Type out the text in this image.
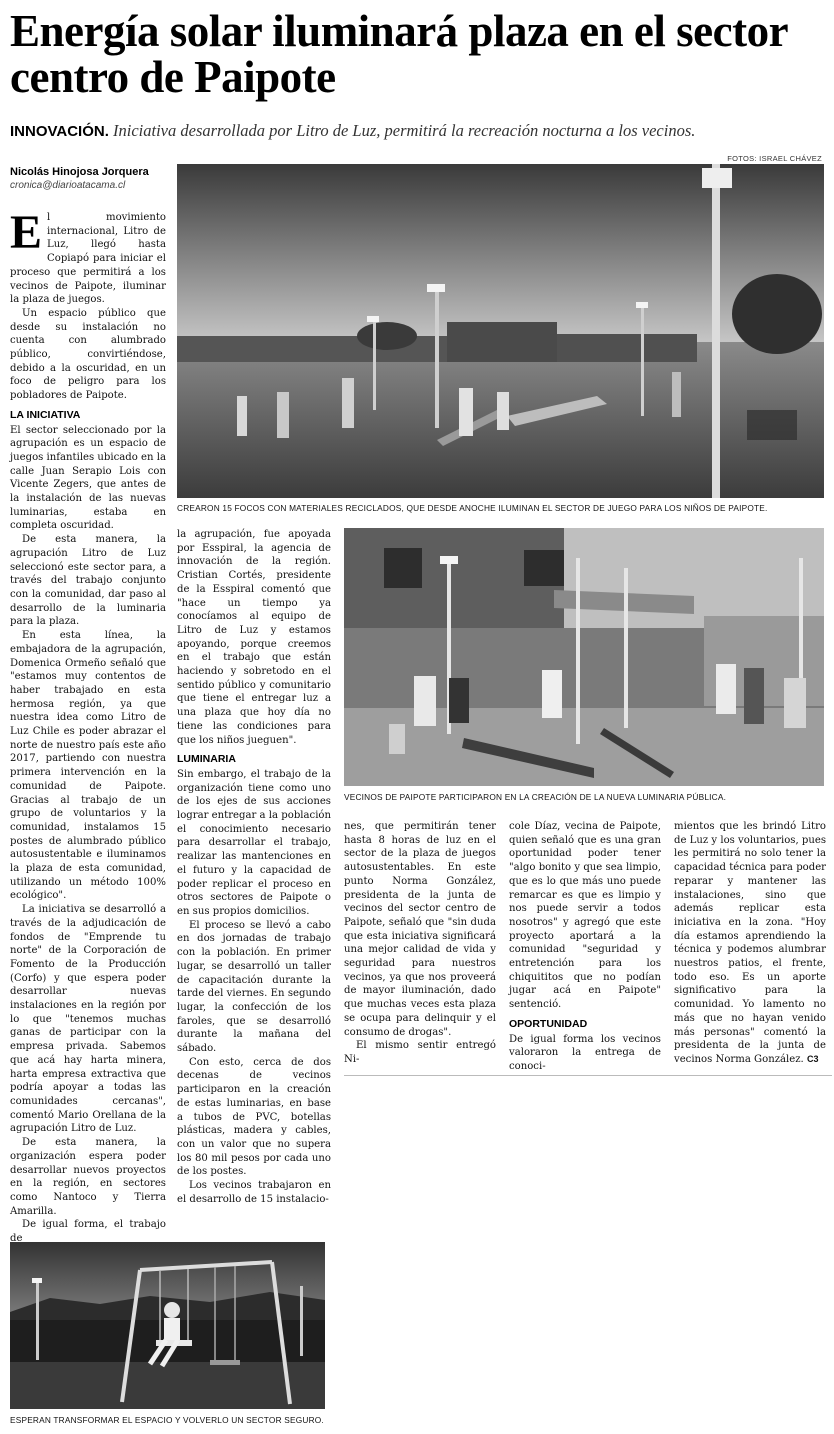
Energía solar iluminará plaza en el sector centro de Paipote
INNOVACIÓN. Iniciativa desarrollada por Litro de Luz, permitirá la recreación nocturna a los vecinos.
FOTOS: ISRAEL CHÁVEZ
Nicolás Hinojosa Jorquera
cronica@diarioatacama.cl
CREARON 15 FOCOS CON MATERIALES RECICLADOS, QUE DESDE ANOCHE ILUMINAN EL SECTOR DE JUEGO PARA LOS NIÑOS DE PAIPOTE.
VECINOS DE PAIPOTE PARTICIPARON EN LA CREACIÓN DE LA NUEVA LUMINARIA PÚBLICA.
ESPERAN TRANSFORMAR EL ESPACIO Y VOLVERLO UN SECTOR SEGURO.

El movimiento internacional, Litro de Luz, llegó hasta Copiapó para iniciar el proceso que permitirá a los vecinos de Paipote, iluminar la plaza de juegos.

Un espacio público que desde su instalación no cuenta con alumbrado público, convirtiéndose, debido a la oscuridad, en un foco de peligro para los pobladores de Paipote.

LA INICIATIVA

El sector seleccionado por la agrupación es un espacio de juegos infantiles ubicado en la calle Juan Serapio Lois con Vicente Zegers, que antes de la instalación de las nuevas luminarias, estaba en completa oscuridad.

De esta manera, la agrupación Litro de Luz seleccionó este sector para, a través del trabajo conjunto con la comunidad, dar paso al desarrollo de la luminaria para la plaza.

En esta línea, la embajadora de la agrupación, Domenica Ormeño señaló que "estamos muy contentos de haber trabajado en esta hermosa región, ya que nuestra idea como Litro de Luz Chile es poder abrazar el norte de nuestro país este año 2017, partiendo con nuestra primera intervención en la comunidad de Paipote. Gracias al trabajo de un grupo de voluntarios y la comunidad, instalamos 15 postes de alumbrado público autosustentable e iluminamos la plaza de esta comunidad, utilizando un método 100% ecológico".

La iniciativa se desarrolló a través de la adjudicación de fondos de "Emprende tu norte" de la Corporación de Fomento de la Producción (Corfo) y que espera poder desarrollar nuevas instalaciones en la región por lo que "tenemos muchas ganas de participar con la empresa privada. Sabemos que acá hay harta minera, harta empresa extractiva que podría apoyar a todas las comunidades cercanas", comentó Mario Orellana de la agrupación Litro de Luz.

De esta manera, la organización espera poder desarrollar nuevos proyectos en la región, en sectores como Nantoco y Tierra Amarilla.

De igual forma, el trabajo de

la agrupación, fue apoyada por Esspiral, la agencia de innovación de la región. Cristian Cortés, presidente de la Esspiral comentó que "hace un tiempo ya conocíamos al equipo de Litro de Luz y estamos apoyando, porque creemos en el trabajo que están haciendo y sobretodo en el sentido público y comunitario que tiene el entregar luz a una plaza que hoy día no tiene las condiciones para que los niños jueguen".

LUMINARIA

Sin embargo, el trabajo de la organización tiene como uno de los ejes de sus acciones lograr entregar a la población el conocimiento necesario para desarrollar el trabajo, realizar las mantenciones en el futuro y la capacidad de poder replicar el proceso en otros sectores de Paipote o en sus propios domicilios.

El proceso se llevó a cabo en dos jornadas de trabajo con la población. En primer lugar, se desarrolló un taller de capacitación durante la tarde del viernes. En segundo lugar, la confección de los faroles, que se desarrolló durante la mañana del sábado.

Con esto, cerca de dos decenas de vecinos participaron en la creación de estas luminarias, en base a tubos de PVC, botellas plásticas, madera y cables, con un valor que no supera los 80 mil pesos por cada uno de los postes.

Los vecinos trabajaron en el desarrollo de 15 instalacio-

nes, que permitirán tener hasta 8 horas de luz en el sector de la plaza de juegos autosustentables. En este punto Norma González, presidenta de la junta de vecinos del sector centro de Paipote, señaló que "sin duda que esta iniciativa significará una mejor calidad de vida y seguridad para nuestros vecinos, ya que nos proveerá de mayor iluminación, dado que muchas veces esta plaza se ocupa para delinquir y el consumo de drogas".

El mismo sentir entregó Ni-

cole Díaz, vecina de Paipote, quien señaló que es una gran oportunidad poder tener "algo bonito y que sea limpio, que es lo que más uno puede remarcar es que es limpio y nos puede servir a todos nosotros" y agregó que este proyecto aportará a la comunidad "seguridad y entretención para los chiquititos que no podían jugar acá en Paipote" sentenció.

OPORTUNIDAD

De igual forma los vecinos valoraron la entrega de conoci-

mientos que les brindó Litro de Luz y los voluntarios, pues les permitirá no solo tener la capacidad técnica para poder reparar y mantener las instalaciones, sino que además replicar esta iniciativa en la zona. "Hoy día estamos aprendiendo la técnica y podemos alumbrar nuestros patios, el frente, todo eso. Es un aporte significativo para la comunidad. Yo lamento no más que no hayan venido más personas" comentó la presidenta de la junta de vecinos Norma González. C3
